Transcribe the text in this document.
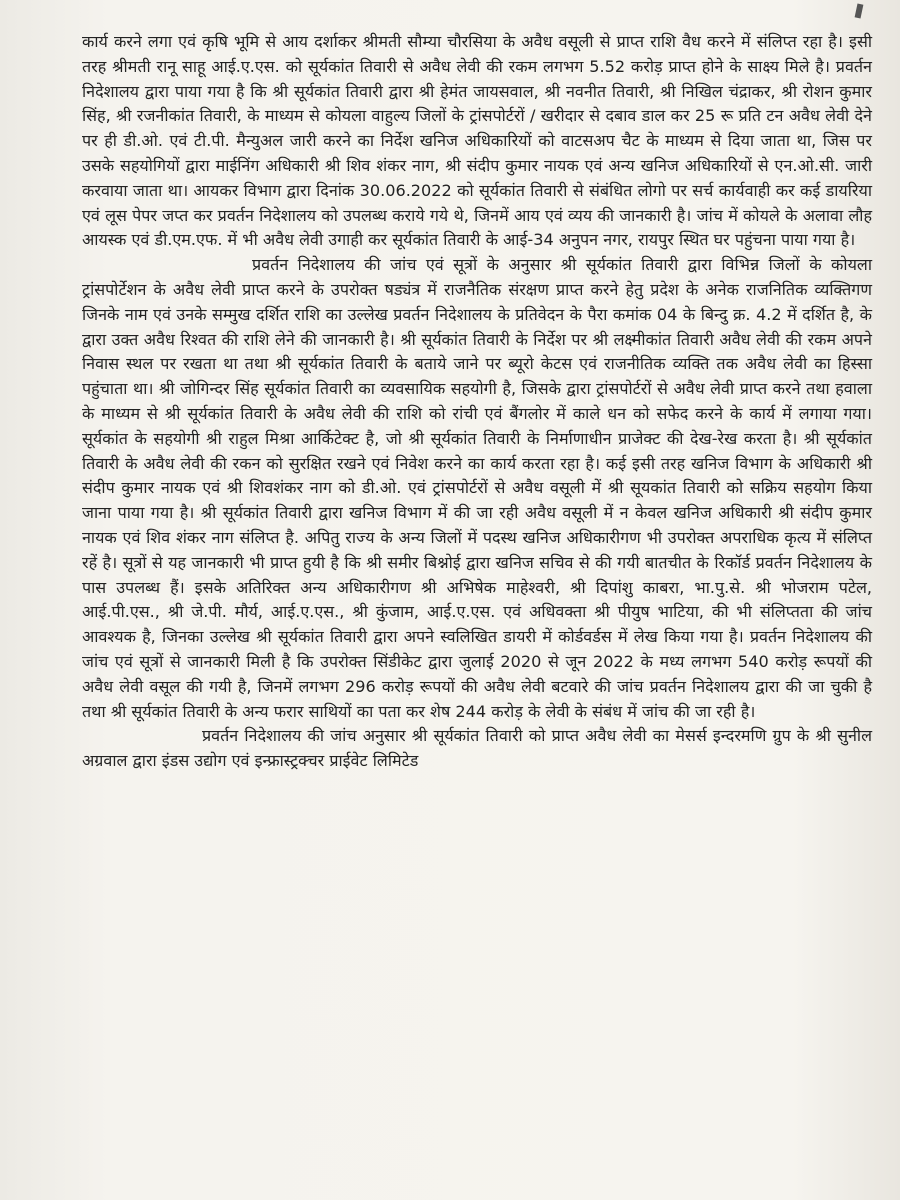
कार्य करने लगा एवं कृषि भूमि से आय दर्शाकर श्रीमती सौम्या चौरसिया के अवैध वसूली से प्राप्त राशि वैध करने में संलिप्त रहा है। इसी तरह श्रीमती रानू साहू आई.ए.एस. को सूर्यकांत तिवारी से अवैध लेवी की रकम लगभग 5.52 करोड़ प्राप्त होने के साक्ष्य मिले है। प्रवर्तन निदेशालय द्वारा पाया गया है कि श्री सूर्यकांत तिवारी द्वारा श्री हेमंत जायसवाल, श्री नवनीत तिवारी, श्री निखिल चंद्राकर, श्री रोशन कुमार सिंह, श्री रजनीकांत तिवारी, के माध्यम से कोयला वाहुल्य जिलों के ट्रांसपोर्टरों / खरीदार से दबाव डाल कर 25 रू प्रति टन अवैध लेवी देने पर ही डी.ओ. एवं टी.पी. मैन्युअल जारी करने का निर्देश खनिज अधिकारियों को वाटसअप चैट के माध्यम से दिया जाता था, जिस पर उसके सहयोगियों द्वारा माईनिंग अधिकारी श्री शिव शंकर नाग, श्री संदीप कुमार नायक एवं अन्य खनिज अधिकारियों से एन.ओ.सी. जारी करवाया जाता था। आयकर विभाग द्वारा दिनांक 30.06.2022 को सूर्यकांत तिवारी से संबंधित लोगो पर सर्च कार्यवाही कर कई डायरिया एवं लूस पेपर जप्त कर प्रवर्तन निदेशालय को उपलब्ध कराये गये थे, जिनमें आय एवं व्यय की जानकारी है। जांच में कोयले के अलावा लौह आयस्क एवं डी.एम.एफ. में भी अवैध लेवी उगाही कर सूर्यकांत तिवारी के आई-34 अनुपन नगर, रायपुर स्थित घर पहुंचना पाया गया है।

प्रवर्तन निदेशालय की जांच एवं सूत्रों के अनुसार श्री सूर्यकांत तिवारी द्वारा विभिन्न जिलों के कोयला ट्रांसपोर्टेशन के अवैध लेवी प्राप्त करने के उपरोक्त षड्यंत्र में राजनैतिक संरक्षण प्राप्त करने हेतु प्रदेश के अनेक राजनितिक व्यक्तिगण जिनके नाम एवं उनके सम्मुख दर्शित राशि का उल्लेख प्रवर्तन निदेशालय के प्रतिवेदन के पैरा कमांक 04 के बिन्दु क्र. 4.2 में दर्शित है, के द्वारा उक्त अवैध रिश्वत की राशि लेने की जानकारी है। श्री सूर्यकांत तिवारी के निर्देश पर श्री लक्ष्मीकांत तिवारी अवैध लेवी की रकम अपने निवास स्थल पर रखता था तथा श्री सूर्यकांत तिवारी के बताये जाने पर ब्यूरो केटस एवं राजनीतिक व्यक्ति तक अवैध लेवी का हिस्सा पहुंचाता था। श्री जोगिन्दर सिंह सूर्यकांत तिवारी का व्यवसायिक सहयोगी है, जिसके द्वारा ट्रांसपोर्टरों से अवैध लेवी प्राप्त करने तथा हवाला के माध्यम से श्री सूर्यकांत तिवारी के अवैध लेवी की राशि को रांची एवं बैंगलोर में काले धन को सफेद करने के कार्य में लगाया गया। सूर्यकांत के सहयोगी श्री राहुल मिश्रा आर्किटेक्ट है, जो श्री सूर्यकांत तिवारी के निर्माणाधीन प्राजेक्ट की देख-रेख करता है। श्री सूर्यकांत तिवारी के अवैध लेवी की रकन को सुरक्षित रखने एवं निवेश करने का कार्य करता रहा है। कई इसी तरह खनिज विभाग के अधिकारी श्री संदीप कुमार नायक एवं श्री शिवशंकर नाग को डी.ओ. एवं ट्रांसपोर्टरों से अवैध वसूली में श्री सूयकांत तिवारी को सक्रिय सहयोग किया जाना पाया गया है। श्री सूर्यकांत तिवारी द्वारा खनिज विभाग में की जा रही अवैध वसूली में न केवल खनिज अधिकारी श्री संदीप कुमार नायक एवं शिव शंकर नाग संलिप्त है. अपितु राज्य के अन्य जिलों में पदस्थ खनिज अधिकारीगण भी उपरोक्त अपराधिक कृत्य में संलिप्त रहें है। सूत्रों से यह जानकारी भी प्राप्त हुयी है कि श्री समीर बिश्नोई द्वारा खनिज सचिव से की गयी बातचीत के रिकॉर्ड प्रवर्तन निदेशालय के पास उपलब्ध हैं। इसके अतिरिक्त अन्य अधिकारीगण श्री अभिषेक माहेश्वरी, श्री दिपांशु काबरा, भा.पु.से. श्री भोजराम पटेल, आई.पी.एस., श्री जे.पी. मौर्य, आई.ए.एस., श्री कुंजाम, आई.ए.एस. एवं अधिवक्ता श्री पीयुष भाटिया, की भी संलिप्तता की जांच आवश्यक है, जिनका उल्लेख श्री सूर्यकांत तिवारी द्वारा अपने स्वलिखित डायरी में कोर्डवर्डस में लेख किया गया है। प्रवर्तन निदेशालय की जांच एवं सूत्रों से जानकारी मिली है कि उपरोक्त सिंडीकेट द्वारा जुलाई 2020 से जून 2022 के मध्य लगभग 540 करोड़ रूपयों की अवैध लेवी वसूल की गयी है, जिनमें लगभग 296 करोड़ रूपयों की अवैध लेवी बटवारे की जांच प्रवर्तन निदेशालय द्वारा की जा चुकी है तथा श्री सूर्यकांत तिवारी के अन्य फरार साथियों का पता कर शेष 244 करोड़ के लेवी के संबंध में जांच की जा रही है।

प्रवर्तन निदेशालय की जांच अनुसार श्री सूर्यकांत तिवारी को प्राप्त अवैध लेवी का मेसर्स इन्दरमणि ग्रुप के श्री सुनील अग्रवाल द्वारा इंडस उद्योग एवं इन्फ्रास्ट्रक्चर प्राईवेट लिमिटेड
